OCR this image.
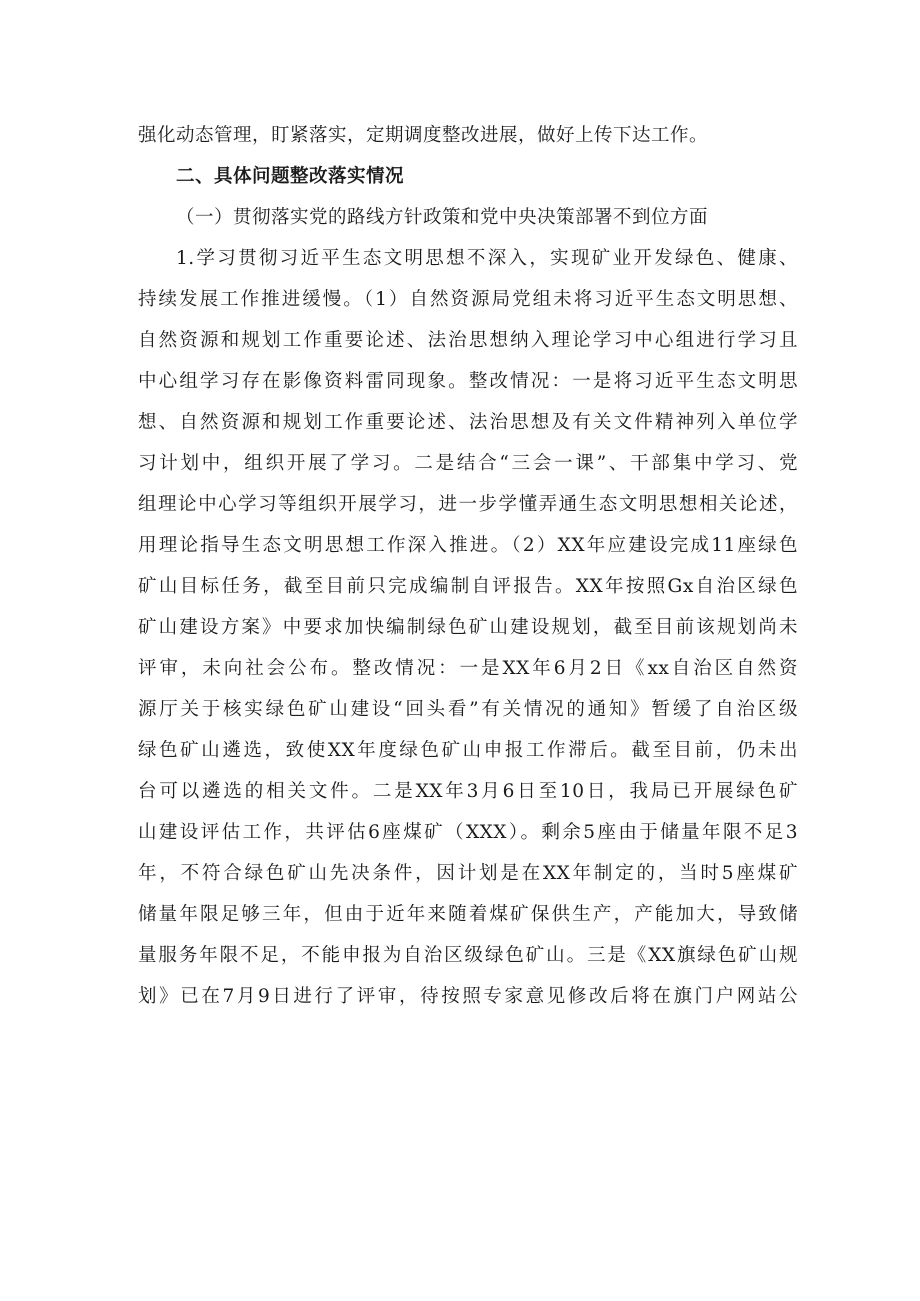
强化动态管理，盯紧落实，定期调度整改进展，做好上传下达工作。
二、具体问题整改落实情况
（一）贯彻落实党的路线方针政策和党中央决策部署不到位方面
1.学习贯彻习近平生态文明思想不深入，实现矿业开发绿色、健康、
持续发展工作推进缓慢。（1）自然资源局党组未将习近平生态文明思想、
自然资源和规划工作重要论述、法治思想纳入理论学习中心组进行学习且
中心组学习存在影像资料雷同现象。整改情况：一是将习近平生态文明思
想、自然资源和规划工作重要论述、法治思想及有关文件精神列入单位学
习计划中，组织开展了学习。二是结合“三会一课”、干部集中学习、党
组理论中心学习等组织开展学习，进一步学懂弄通生态文明思想相关论述，
用理论指导生态文明思想工作深入推进。（2）XX年应建设完成11座绿色
矿山目标任务，截至目前只完成编制自评报告。XX年按照Gx自治区绿色
矿山建设方案》中要求加快编制绿色矿山建设规划，截至目前该规划尚未
评审，未向社会公布。整改情况：一是XX年6月2日《xx自治区自然资
源厅关于核实绿色矿山建设“回头看”有关情况的通知》暂缓了自治区级
绿色矿山遴选，致使XX年度绿色矿山申报工作滞后。截至目前，仍未出
台可以遴选的相关文件。二是XX年3月6日至10日，我局已开展绿色矿
山建设评估工作，共评估6座煤矿（XXX）。剩余5座由于储量年限不足3
年，不符合绿色矿山先决条件，因计划是在XX年制定的，当时5座煤矿
储量年限足够三年，但由于近年来随着煤矿保供生产，产能加大，导致储
量服务年限不足，不能申报为自治区级绿色矿山。三是《XX旗绿色矿山规
划》已在7月9日进行了评审，待按照专家意见修改后将在旗门户网站公
